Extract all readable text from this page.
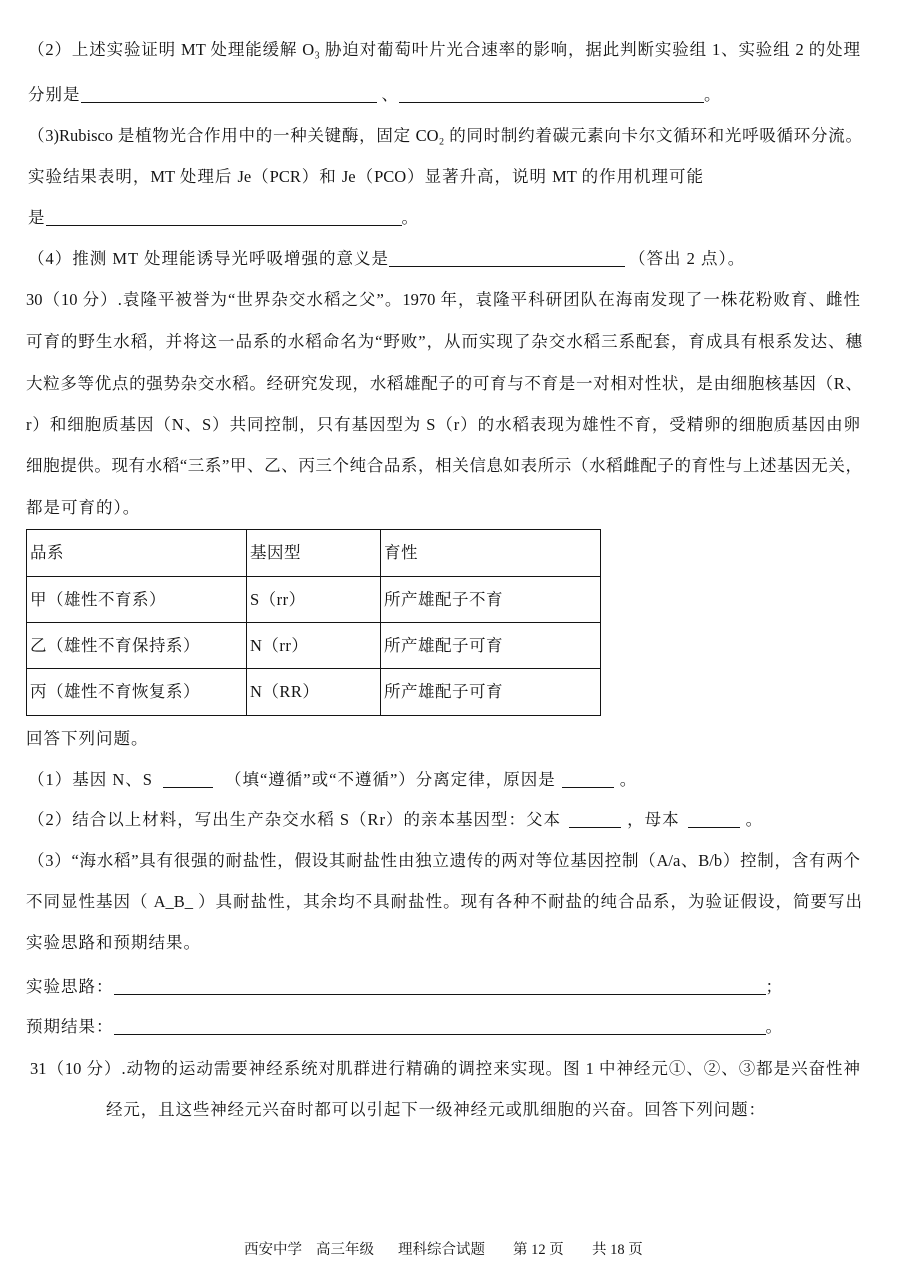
（2）上述实验证明 MT 处理能缓解 O₃ 胁迫对葡萄叶片光合速率的影响，据此判断实验组 1、实验组 2 的处理
分别是	、	。
（3)Rubisco 是植物光合作用中的一种关键酶，固定 CO₂ 的同时制约着碳元素向卡尔文循环和光呼吸循环分流。
实验结果表明，MT 处理后 Je（PCR）和 Je（PCO）显著升高，说明 MT 的作用机理可能
是	。
（4）推测 MT 处理能诱导光呼吸增强的意义是	（答出 2 点）。
30（10 分）.袁隆平被誉为“世界杂交水稻之父”。1970 年，袁隆平科研团队在海南发现了一株花粉败育、雌性
可育的野生水稻，并将这一品系的水稻命名为“野败”，从而实现了杂交水稻三系配套，育成具有根系发达、穗
大粒多等优点的强势杂交水稻。经研究发现，水稻雄配子的可育与不育是一对相对性状，是由细胞核基因（R、
r）和细胞质基因（N、S）共同控制，只有基因型为 S（r）的水稻表现为雄性不育，受精卵的细胞质基因由卵
细胞提供。现有水稻“三系”甲、乙、丙三个纯合品系，相关信息如表所示（水稻雌配子的育性与上述基因无关，
都是可育的）。
品系	基因型	育性
甲（雄性不育系）	S（rr）	所产雄配子不育
乙（雄性不育保持系）	N（rr）	所产雄配子可育
丙（雄性不育恢复系）	N（RR）	所产雄配子可育
回答下列问题。
（1）基因 N、S	（填“遵循”或“不遵循”）分离定律，原因是	。
（2）结合以上材料，写出生产杂交水稻 S（Rr）的亲本基因型：父本	，母本	。
（3）“海水稻”具有很强的耐盐性，假设其耐盐性由独立遗传的两对等位基因控制（A/a、B/b）控制，含有两个
不同显性基因（ A_B_ ）具耐盐性，其余均不具耐盐性。现有各种不耐盐的纯合品系，为验证假设，简要写出
实验思路和预期结果。
实验思路：	；
预期结果：	。
31（10 分）.动物的运动需要神经系统对肌群进行精确的调控来实现。图 1 中神经元①、②、③都是兴奋性神
经元，且这些神经元兴奋时都可以引起下一级神经元或肌细胞的兴奋。回答下列问题：
西安中学 高三年级 理科综合试题 第 12 页 共 18 页
